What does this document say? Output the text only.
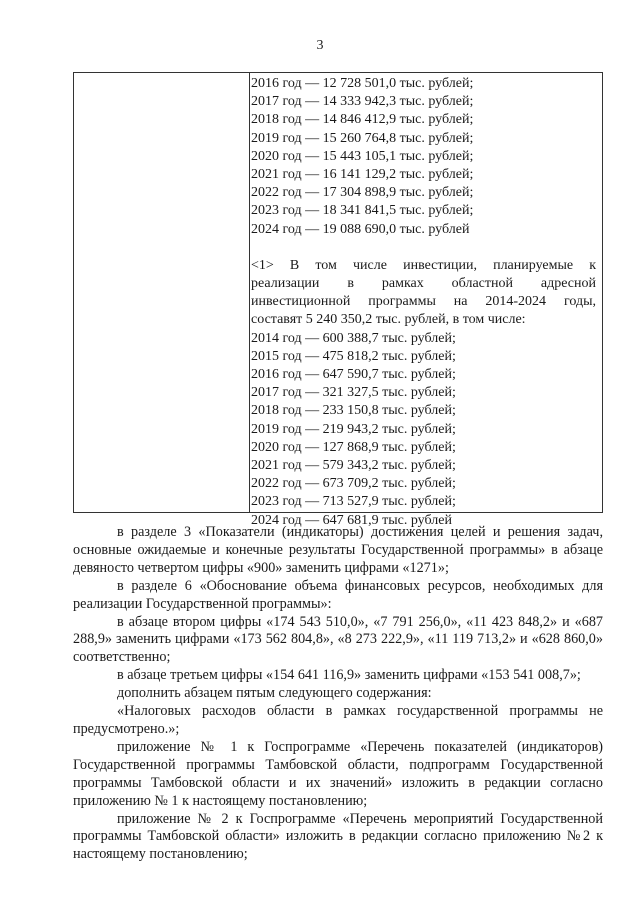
3
2016 год — 12 728 501,0 тыс. рублей;
2017 год — 14 333 942,3 тыс. рублей;
2018 год — 14 846 412,9 тыс. рублей;
2019 год — 15 260 764,8 тыс. рублей;
2020 год — 15 443 105,1 тыс. рублей;
2021 год — 16 141 129,2 тыс. рублей;
2022 год — 17 304 898,9 тыс. рублей;
2023 год — 18 341 841,5 тыс. рублей;
2024 год — 19 088 690,0 тыс. рублей
<1> В том числе инвестиции, планируемые к
реализации в рамках областной адресной
инвестиционной программы на 2014-2024 годы,
составят 5 240 350,2 тыс. рублей, в том числе:
2014 год — 600 388,7 тыс. рублей;
2015 год — 475 818,2 тыс. рублей;
2016 год — 647 590,7 тыс. рублей;
2017 год — 321 327,5 тыс. рублей;
2018 год — 233 150,8 тыс. рублей;
2019 год — 219 943,2 тыс. рублей;
2020 год — 127 868,9 тыс. рублей;
2021 год — 579 343,2 тыс. рублей;
2022 год — 673 709,2 тыс. рублей;
2023 год — 713 527,9 тыс. рублей;
2024 год — 647 681,9 тыс. рублей
в разделе 3 «Показатели (индикаторы) достижения целей и решения задач, основные ожидаемые и конечные результаты Государственной программы» в абзаце девяносто четвертом цифры «900» заменить цифрами «1271»;
в разделе 6 «Обоснование объема финансовых ресурсов, необходимых для реализации Государственной программы»:
в абзаце втором цифры «174 543 510,0», «7 791 256,0», «11 423 848,2» и «687 288,9» заменить цифрами «173 562 804,8», «8 273 222,9», «11 119 713,2» и «628 860,0» соответственно;
в абзаце третьем цифры «154 641 116,9» заменить цифрами «153 541 008,7»;
дополнить абзацем пятым следующего содержания:
«Налоговых расходов области в рамках государственной программы не предусмотрено.»;
приложение № 1 к Госпрограмме «Перечень показателей (индикаторов) Государственной программы Тамбовской области, подпрограмм Государственной программы Тамбовской области и их значений» изложить в редакции согласно приложению № 1 к настоящему постановлению;
приложение № 2 к Госпрограмме «Перечень мероприятий Государственной программы Тамбовской области» изложить в редакции согласно приложению №2 к настоящему постановлению;
